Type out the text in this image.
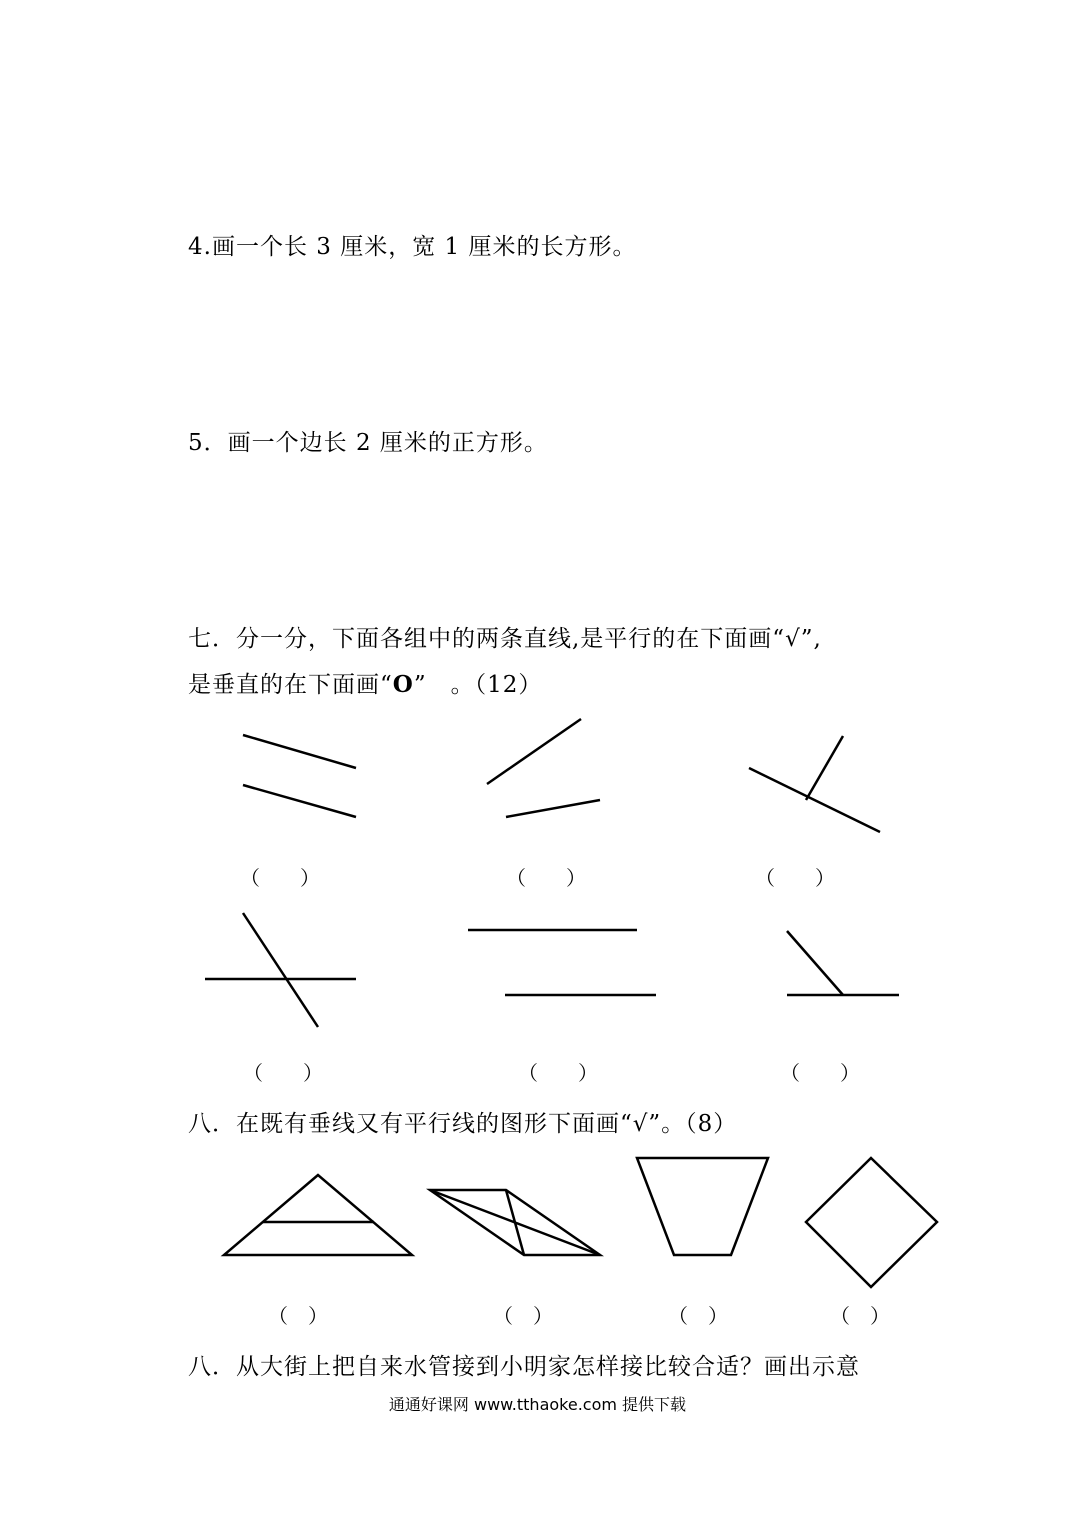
4.画一个长 3 厘米，宽 1 厘米的长方形。
5．画一个边长 2 厘米的正方形。
七．分一分，下面各组中的两条直线,是平行的在下面画“√”,
是垂直的在下面画“O”　。（12）
（　　）	（　　）	（　　）
（　　）	（　　）	（　　）
八．在既有垂线又有平行线的图形下面画“√”。（8）
（　）	（　）	（　）	（　）
八．从大街上把自来水管接到小明家怎样接比较合适？画出示意
通通好课网 www.tthaoke.com 提供下载
